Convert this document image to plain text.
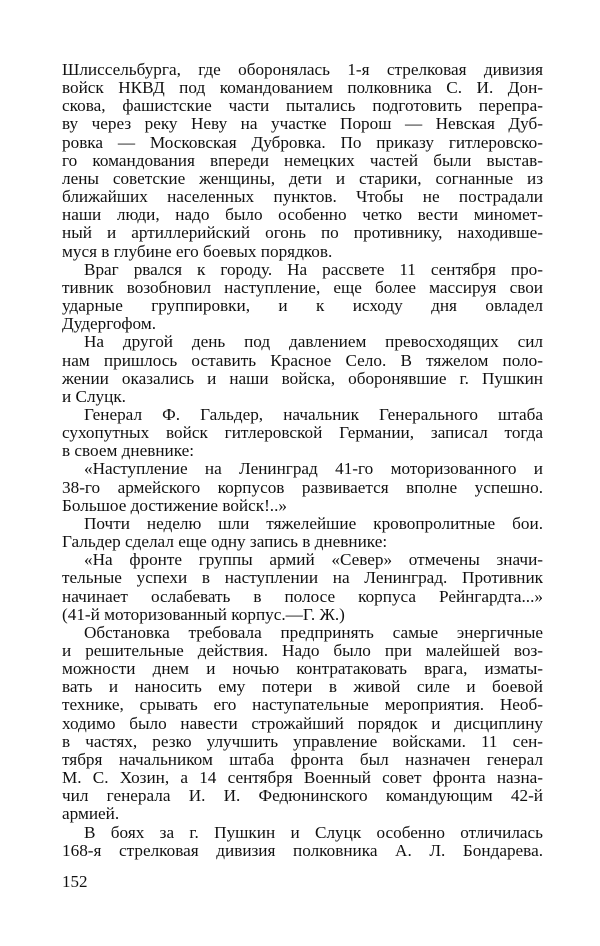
Шлиссельбурга, где оборонялась 1-я стрелковая дивизия
войск НКВД под командованием полковника С. И. Дон-
скова, фашистские части пытались подготовить перепра-
ву через реку Неву на участке Порош — Невская Дуб-
ровка — Московская Дубровка. По приказу гитлеровско-
го командования впереди немецких частей были выстав-
лены советские женщины, дети и старики, согнанные из
ближайших населенных пунктов. Чтобы не пострадали
наши люди, надо было особенно четко вести миномет-
ный и артиллерийский огонь по противнику, находивше-
муся в глубине его боевых порядков.
Враг рвался к городу. На рассвете 11 сентября про-
тивник возобновил наступление, еще более массируя свои
ударные группировки, и к исходу дня овладел
Дудергофом.
На другой день под давлением превосходящих сил
нам пришлось оставить Красное Село. В тяжелом поло-
жении оказались и наши войска, оборонявшие г. Пушкин
и Слуцк.
Генерал Ф. Гальдер, начальник Генерального штаба
сухопутных войск гитлеровской Германии, записал тогда
в своем дневнике:
«Наступление на Ленинград 41-го моторизованного и
38-го армейского корпусов развивается вполне успешно.
Большое достижение войск!..»
Почти неделю шли тяжелейшие кровопролитные бои.
Гальдер сделал еще одну запись в дневнике:
«На фронте группы армий «Север» отмечены значи-
тельные успехи в наступлении на Ленинград. Противник
начинает ослабевать в полосе корпуса Рейнгардта...»
(41-й моторизованный корпус.—Г. Ж.)
Обстановка требовала предпринять самые энергичные
и решительные действия. Надо было при малейшей воз-
можности днем и ночью контратаковать врага, изматы-
вать и наносить ему потери в живой силе и боевой
технике, срывать его наступательные мероприятия. Необ-
ходимо было навести строжайший порядок и дисциплину
в частях, резко улучшить управление войсками. 11 сен-
тября начальником штаба фронта был назначен генерал
М. С. Хозин, а 14 сентября Военный совет фронта назна-
чил генерала И. И. Федюнинского командующим 42-й
армией.
В боях за г. Пушкин и Слуцк особенно отличилась
168-я стрелковая дивизия полковника А. Л. Бондарева.
152
